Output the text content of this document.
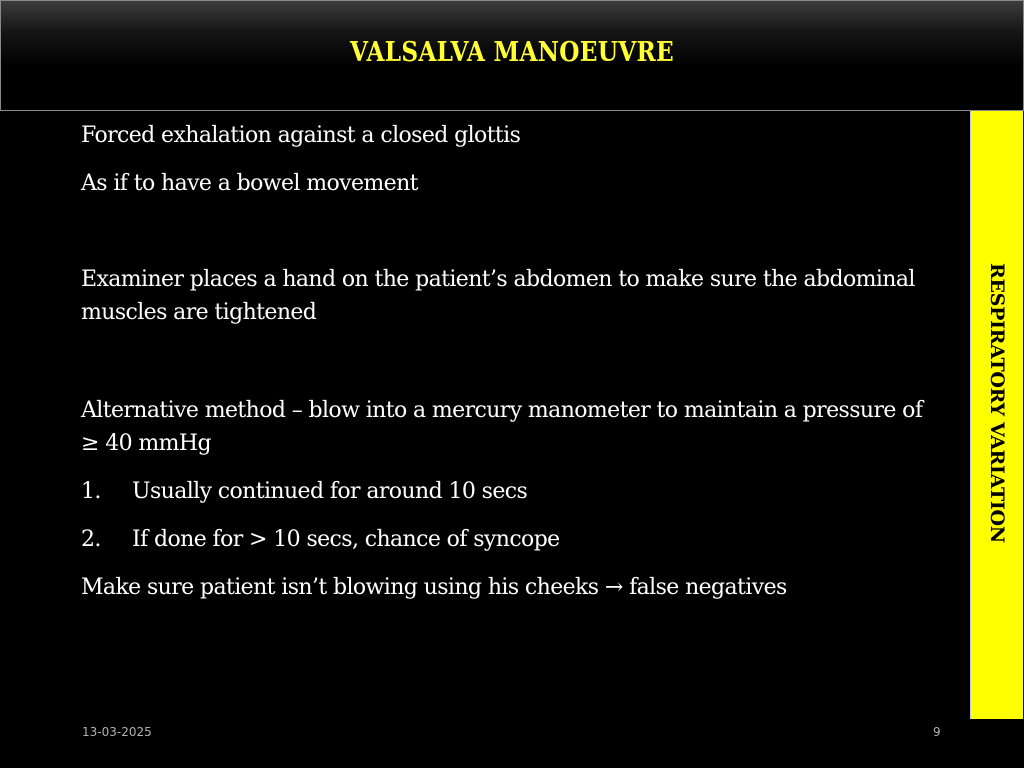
VALSALVA MANOEUVRE
RESPIRATORY VARIATION

Forced exhalation against a closed glottis

As if to have a bowel movement

Examiner places a hand on the patient’s abdomen to make sure the abdominal muscles are tightened

Alternative method – blow into a mercury manometer to maintain a pressure of ≥ 40 mmHg

1. Usually continued for around 10 secs
2. If done for > 10 secs, chance of syncope

Make sure patient isn’t blowing using his cheeks → false negatives

13-03-2025	9
